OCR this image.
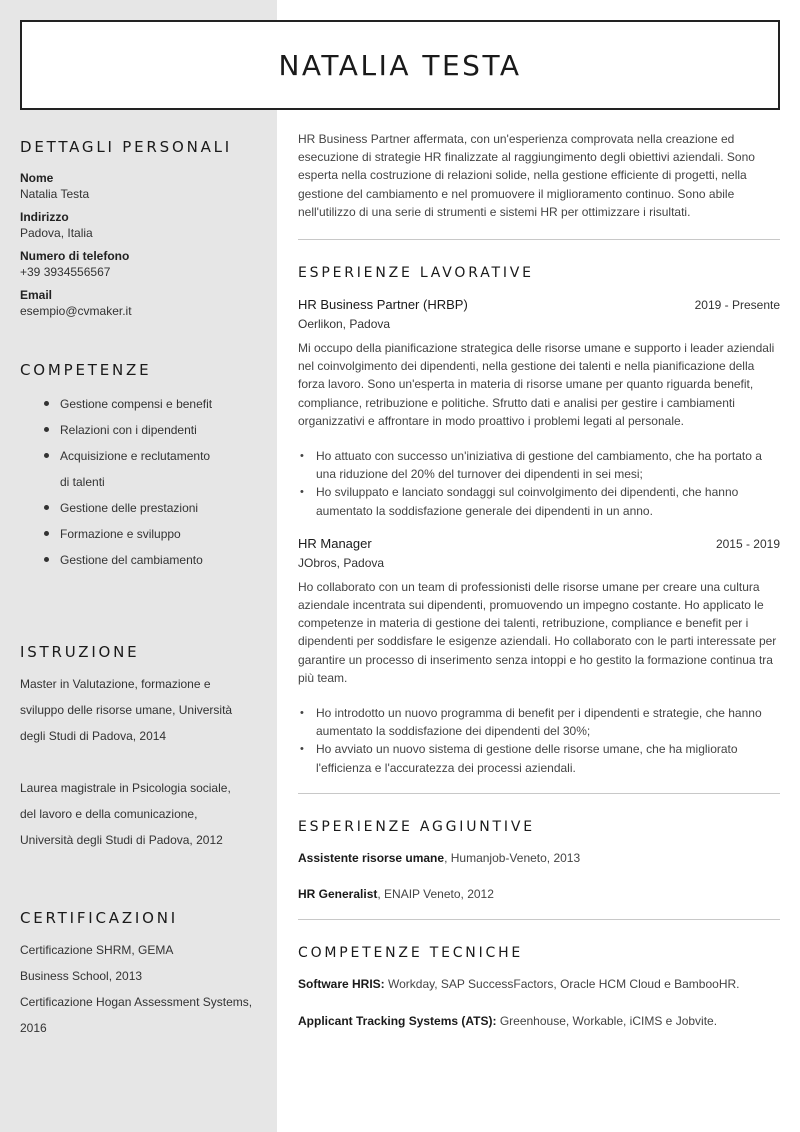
NATALIA TESTA
DETTAGLI PERSONALI
Nome
Natalia Testa
Indirizzo
Padova, Italia
Numero di telefono
+39 3934556567
Email
esempio@cvmaker.it
COMPETENZE
Gestione compensi e benefit
Relazioni con i dipendenti
Acquisizione e reclutamento di talenti
Gestione delle prestazioni
Formazione e sviluppo
Gestione del cambiamento
ISTRUZIONE
Master in Valutazione, formazione e sviluppo delle risorse umane, Università degli Studi di Padova, 2014
Laurea magistrale in Psicologia sociale, del lavoro e della comunicazione, Università degli Studi di Padova, 2012
CERTIFICAZIONI
Certificazione SHRM, GEMA Business School, 2013
Certificazione Hogan Assessment Systems, 2016
HR Business Partner affermata, con un'esperienza comprovata nella creazione ed esecuzione di strategie HR finalizzate al raggiungimento degli obiettivi aziendali. Sono esperta nella costruzione di relazioni solide, nella gestione efficiente di progetti, nella gestione del cambiamento e nel promuovere il miglioramento continuo. Sono abile nell'utilizzo di una serie di strumenti e sistemi HR per ottimizzare i risultati.
ESPERIENZE LAVORATIVE
HR Business Partner (HRBP)	2019 - Presente
Oerlikon, Padova
Mi occupo della pianificazione strategica delle risorse umane e supporto i leader aziendali nel coinvolgimento dei dipendenti, nella gestione dei talenti e nella pianificazione della forza lavoro. Sono un'esperta in materia di risorse umane per quanto riguarda benefit, compliance, retribuzione e politiche. Sfrutto dati e analisi per gestire i cambiamenti organizzativi e affrontare in modo proattivo i problemi legati al personale.
• Ho attuato con successo un'iniziativa di gestione del cambiamento, che ha portato a una riduzione del 20% del turnover dei dipendenti in sei mesi;
• Ho sviluppato e lanciato sondaggi sul coinvolgimento dei dipendenti, che hanno aumentato la soddisfazione generale dei dipendenti in un anno.
HR Manager	2015 - 2019
JObros, Padova
Ho collaborato con un team di professionisti delle risorse umane per creare una cultura aziendale incentrata sui dipendenti, promuovendo un impegno costante. Ho applicato le competenze in materia di gestione dei talenti, retribuzione, compliance e benefit per i dipendenti per soddisfare le esigenze aziendali. Ho collaborato con le parti interessate per garantire un processo di inserimento senza intoppi e ho gestito la formazione continua tra più team.
• Ho introdotto un nuovo programma di benefit per i dipendenti e strategie, che hanno aumentato la soddisfazione dei dipendenti del 30%;
• Ho avviato un nuovo sistema di gestione delle risorse umane, che ha migliorato l'efficienza e l'accuratezza dei processi aziendali.
ESPERIENZE AGGIUNTIVE
Assistente risorse umane, Humanjob-Veneto, 2013
HR Generalist, ENAIP Veneto, 2012
COMPETENZE TECNICHE
Software HRIS: Workday, SAP SuccessFactors, Oracle HCM Cloud e BambooHR.
Applicant Tracking Systems (ATS): Greenhouse, Workable, iCIMS e Jobvite.
